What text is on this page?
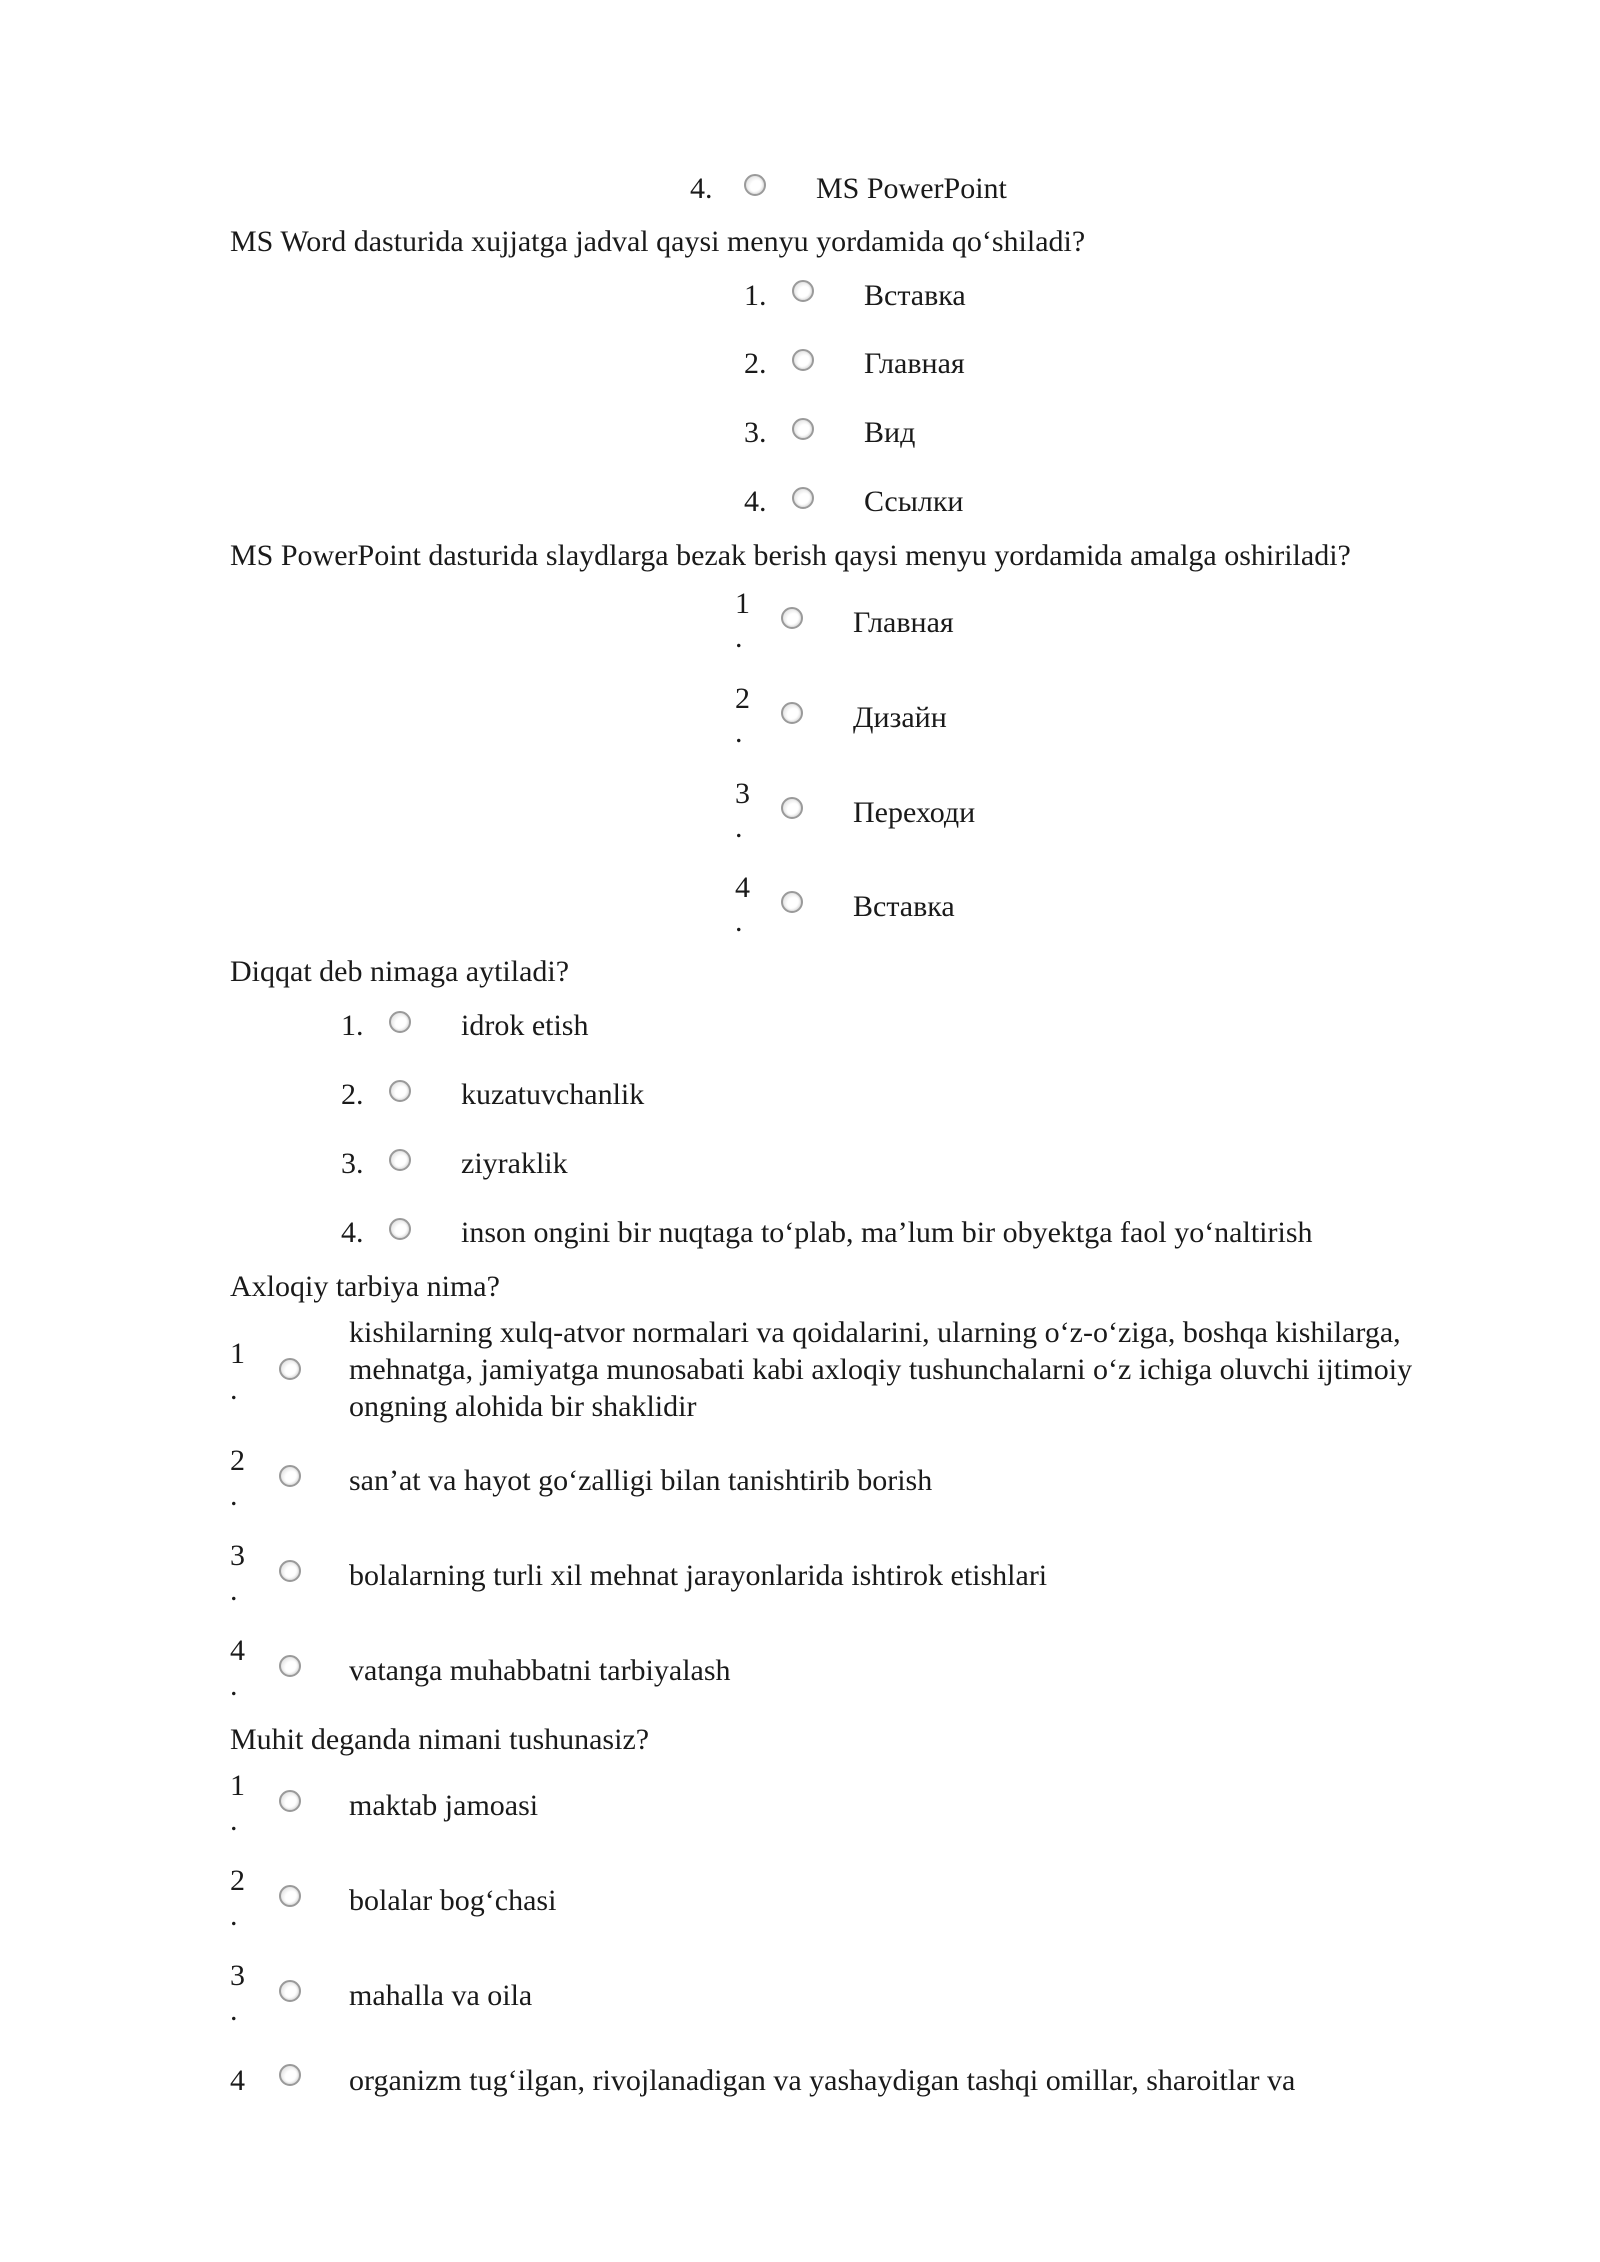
4.	MS PowerPoint
MS Word dasturida xujjatga jadval qaysi menyu yordamida qo‘shiladi?
1.	Вставка
2.	Главная
3.	Вид
4.	Ссылки
MS PowerPoint dasturida slaydlarga bezak berish qaysi menyu yordamida amalga oshiriladi?
1
.	Главная
2
.	Дизайн
3
.	Переходи
4
.	Вставка
Diqqat deb nimaga aytiladi?
1.	idrok etish
2.	kuzatuvchanlik
3.	ziyraklik
4.	inson ongini bir nuqtaga to‘plab, ma’lum bir obyektga faol yo‘naltirish
Axloqiy tarbiya nima?
1
.
kishilarning xulq-atvor normalari va qoidalarini, ularning o‘z-o‘ziga, boshqa kishilarga, mehnatga, jamiyatga munosabati kabi axloqiy tushunchalarni o‘z ichiga oluvchi ijtimoiy ongning alohida bir shaklidir
2
.	san’at va hayot go‘zalligi bilan tanishtirib borish
3
.	bolalarning turli xil mehnat jarayonlarida ishtirok etishlari
4
.	vatanga muhabbatni tarbiyalash
Muhit deganda nimani tushunasiz?
1
.	maktab jamoasi
2
.	bolalar bog‘chasi
3
.	mahalla va oila
4	organizm tug‘ilgan, rivojlanadigan va yashaydigan tashqi omillar, sharoitlar va
